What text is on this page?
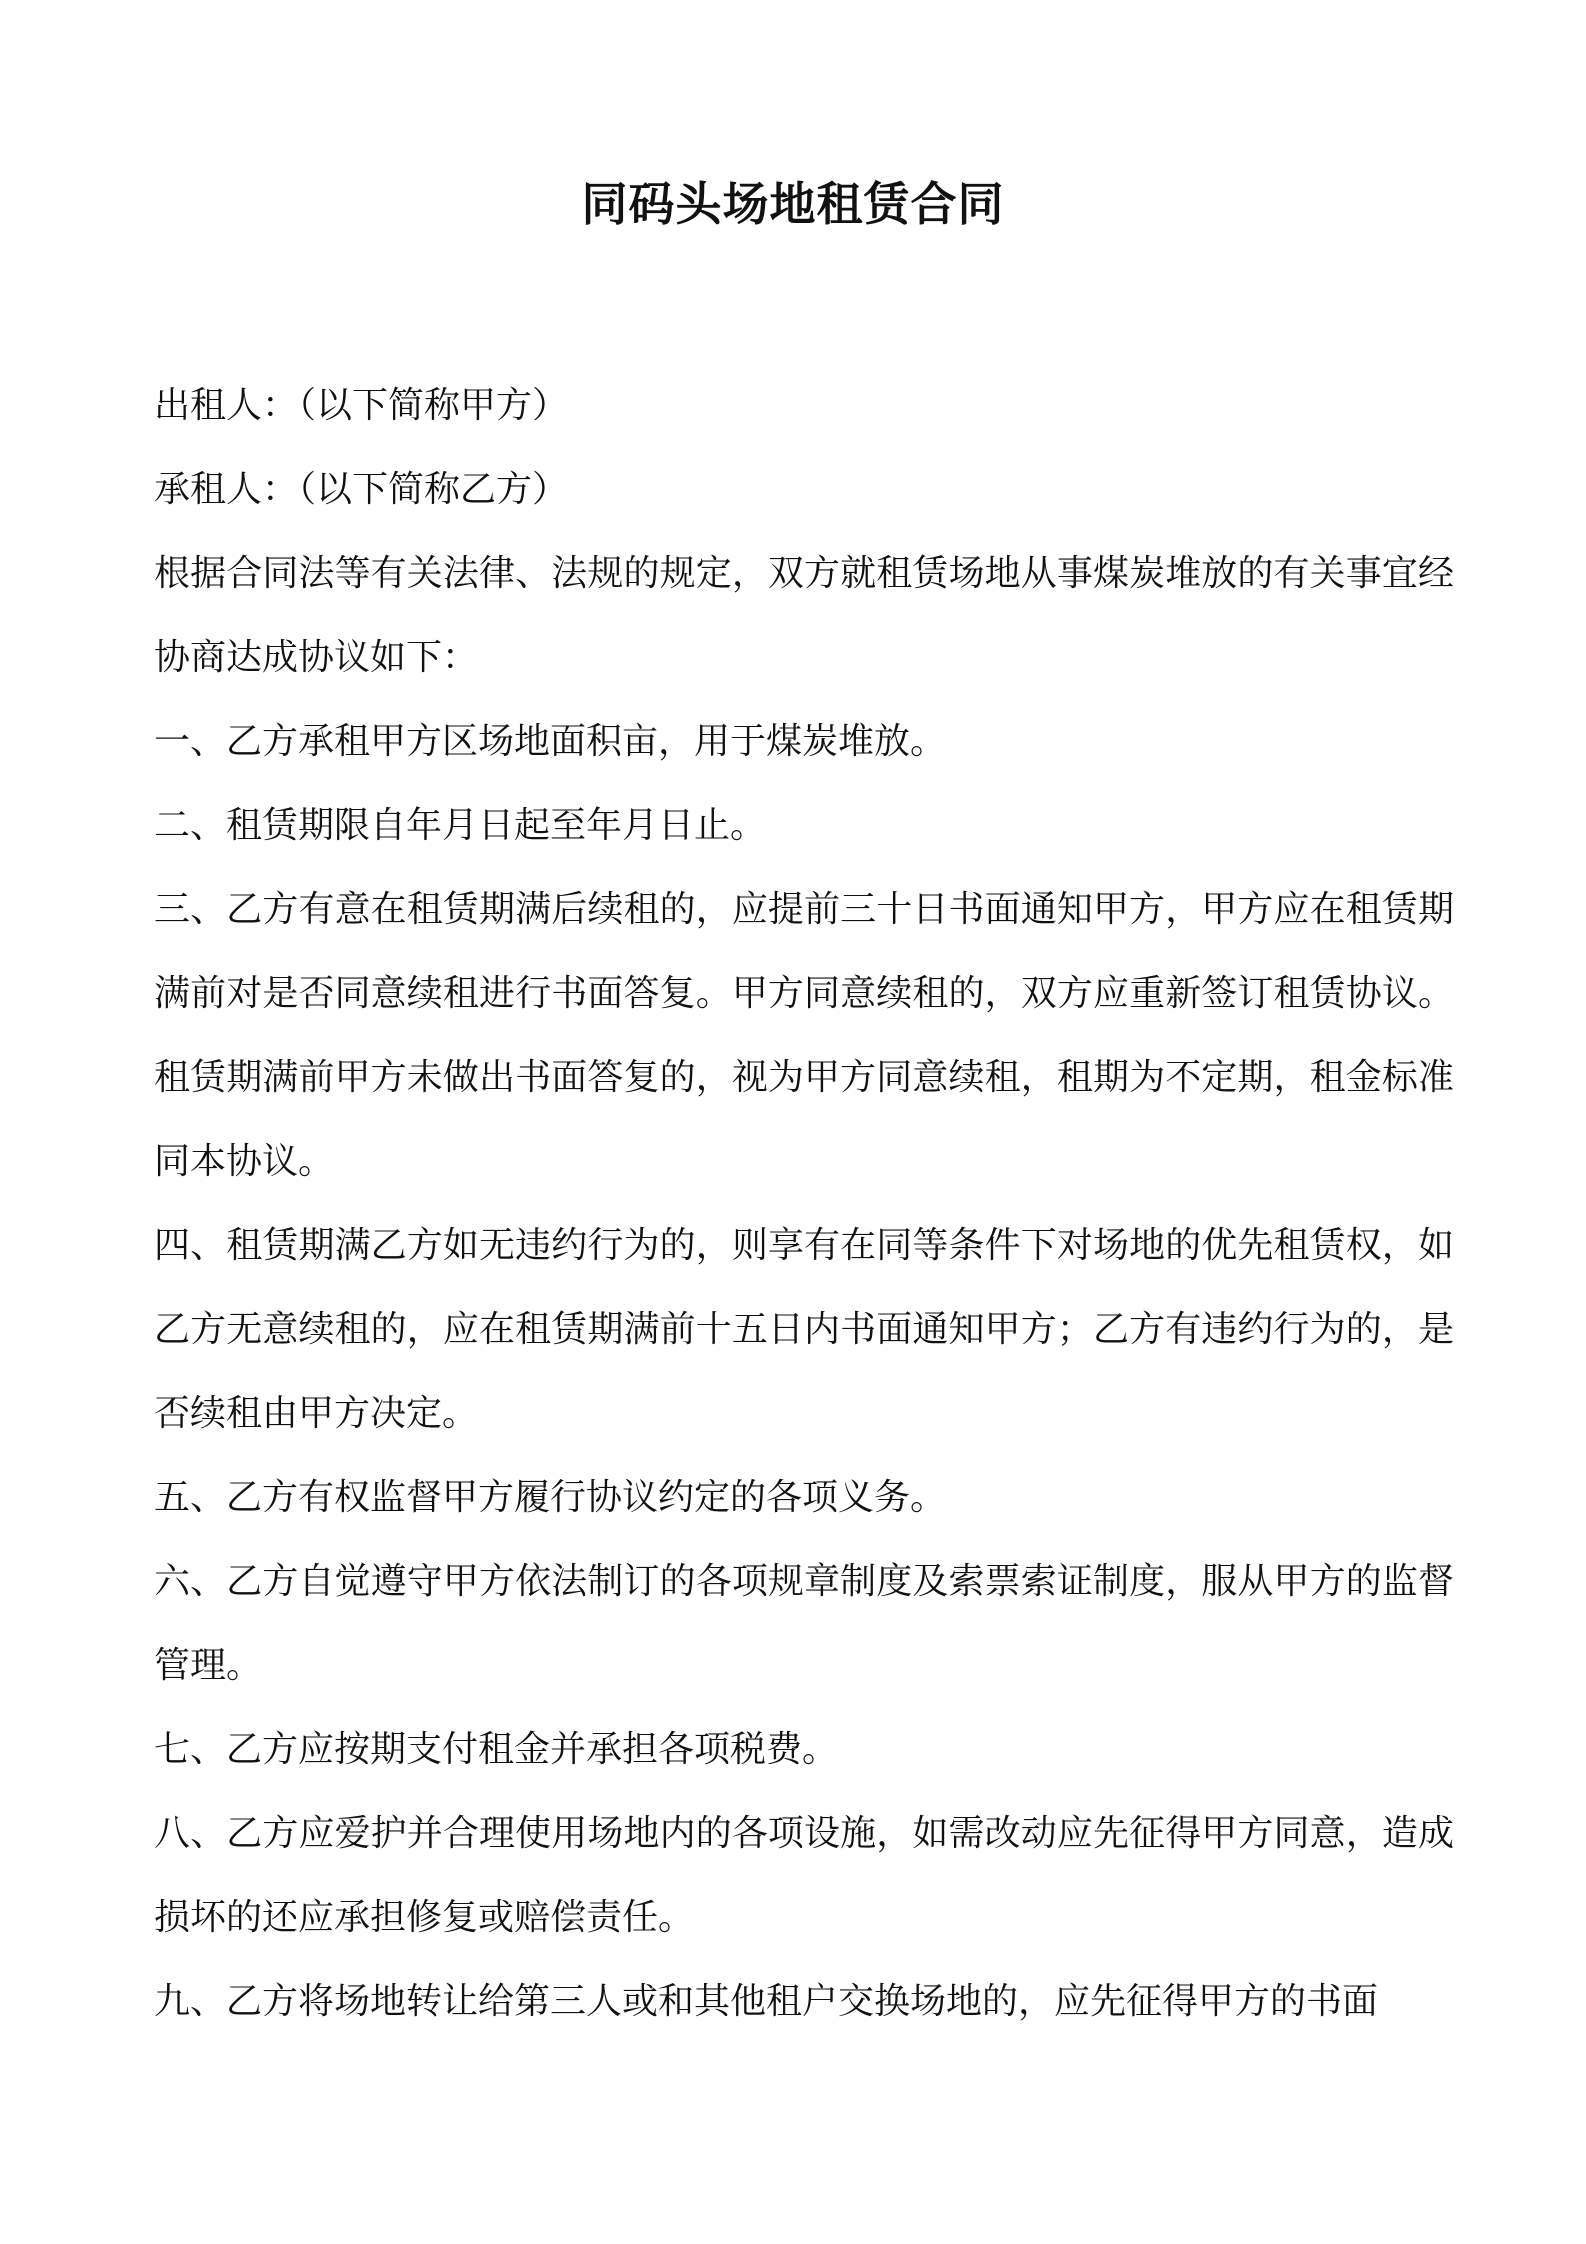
同码头场地租赁合同

出租人：（以下简称甲方）

承租人：（以下简称乙方）

根据合同法等有关法律、法规的规定，双方就租赁场地从事煤炭堆放的有关事宜经协商达成协议如下：

一、乙方承租甲方区场地面积亩，用于煤炭堆放。

二、租赁期限自年月日起至年月日止。

三、乙方有意在租赁期满后续租的，应提前三十日书面通知甲方，甲方应在租赁期满前对是否同意续租进行书面答复。甲方同意续租的，双方应重新签订租赁协议。租赁期满前甲方未做出书面答复的，视为甲方同意续租，租期为不定期，租金标准同本协议。

四、租赁期满乙方如无违约行为的，则享有在同等条件下对场地的优先租赁权，如乙方无意续租的，应在租赁期满前十五日内书面通知甲方；乙方有违约行为的，是否续租由甲方决定。

五、乙方有权监督甲方履行协议约定的各项义务。

六、乙方自觉遵守甲方依法制订的各项规章制度及索票索证制度，服从甲方的监督管理。

七、乙方应按期支付租金并承担各项税费。

八、乙方应爱护并合理使用场地内的各项设施，如需改动应先征得甲方同意，造成损坏的还应承担修复或赔偿责任。

九、乙方将场地转让给第三人或和其他租户交换场地的，应先征得甲方的书面
